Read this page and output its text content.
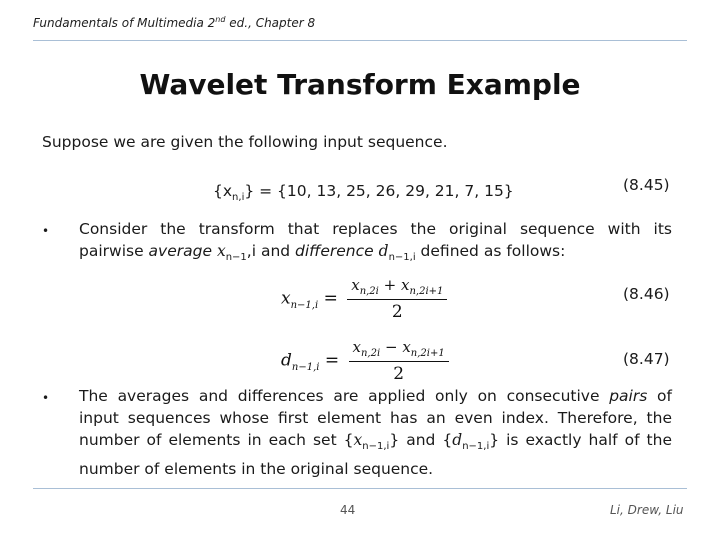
Fundamentals of Multimedia 2nd ed., Chapter 8
Wavelet Transform Example
Suppose we are given the following input sequence.
$\{x_{n,i}\} = \{10$, 13, 25, 26, 29, 21, 7, 15}	(8.45)
• Consider the transform that replaces the original sequence with its
pairwise average $x_{n-1},i$ and difference $d_{n-1,i}$ defined as follows:
$x_{n-1,i} = \frac{x_{n,2i} + x_{n,2i+1}}{2}$	(8.46)
$d_{n-1,i} = \frac{x_{n,2i} - x_{n,2i+1}}{2}$	(8.47)
• The averages and differences are applied only on consecutive pairs of
input sequences whose first element has an even index. Therefore, the
number of elements in each set $\{x_{n-1,i}\}$ and $\{d_{n-1,i}\}$ is exactly half of the
number of elements in the original sequence.
44	Li, Drew, Liu
